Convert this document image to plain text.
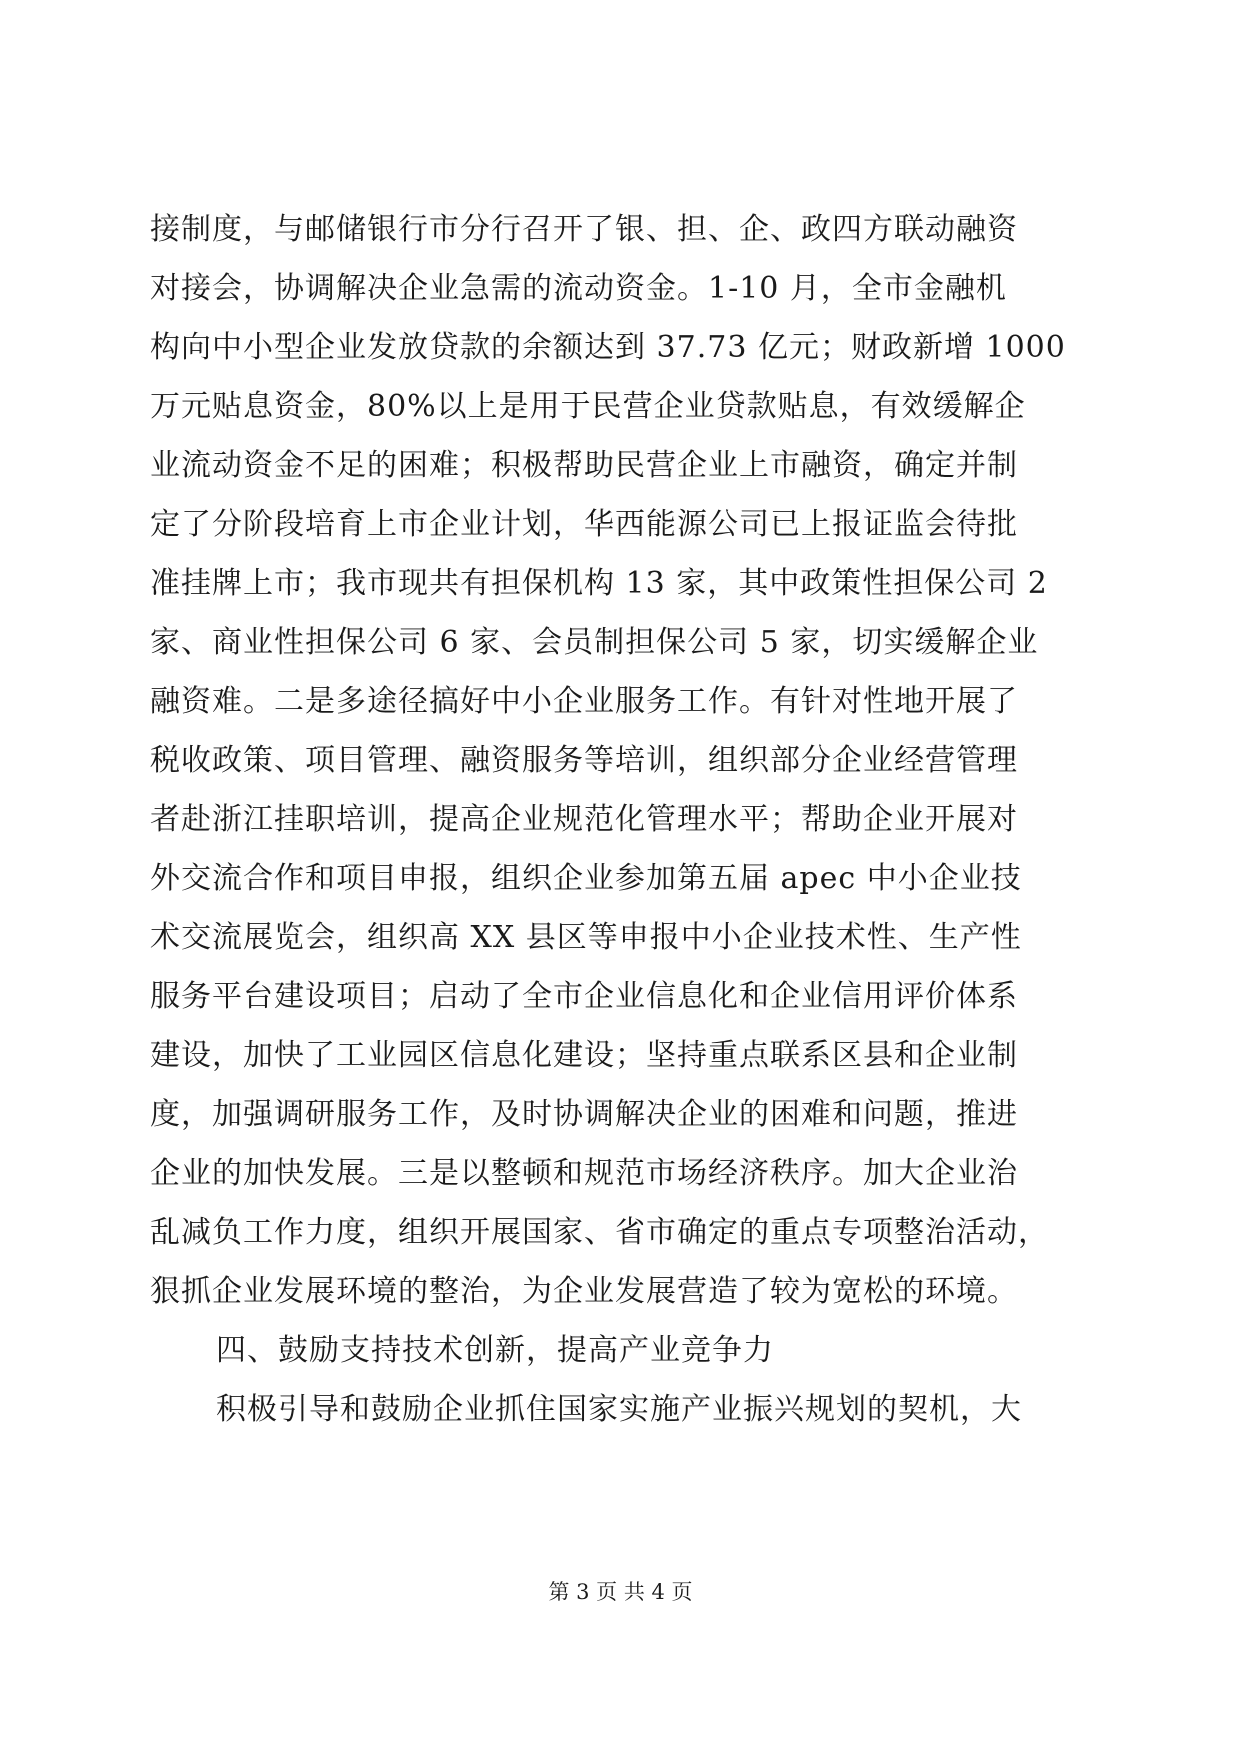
接制度，与邮储银行市分行召开了银、担、企、政四方联动融资
对接会，协调解决企业急需的流动资金。1-10 月，全市金融机
构向中小型企业发放贷款的余额达到 37.73 亿元；财政新增 1000
万元贴息资金，80%以上是用于民营企业贷款贴息，有效缓解企
业流动资金不足的困难；积极帮助民营企业上市融资，确定并制
定了分阶段培育上市企业计划，华西能源公司已上报证监会待批
准挂牌上市；我市现共有担保机构 13 家，其中政策性担保公司 2
家、商业性担保公司 6 家、会员制担保公司 5 家，切实缓解企业
融资难。二是多途径搞好中小企业服务工作。有针对性地开展了
税收政策、项目管理、融资服务等培训，组织部分企业经营管理
者赴浙江挂职培训，提高企业规范化管理水平；帮助企业开展对
外交流合作和项目申报，组织企业参加第五届 apec 中小企业技
术交流展览会，组织高 XX 县区等申报中小企业技术性、生产性
服务平台建设项目；启动了全市企业信息化和企业信用评价体系
建设，加快了工业园区信息化建设；坚持重点联系区县和企业制
度，加强调研服务工作，及时协调解决企业的困难和问题，推进
企业的加快发展。三是以整顿和规范市场经济秩序。加大企业治
乱减负工作力度，组织开展国家、省市确定的重点专项整治活动，
狠抓企业发展环境的整治，为企业发展营造了较为宽松的环境。
四、鼓励支持技术创新，提高产业竞争力
积极引导和鼓励企业抓住国家实施产业振兴规划的契机，大
第 3 页 共 4 页
